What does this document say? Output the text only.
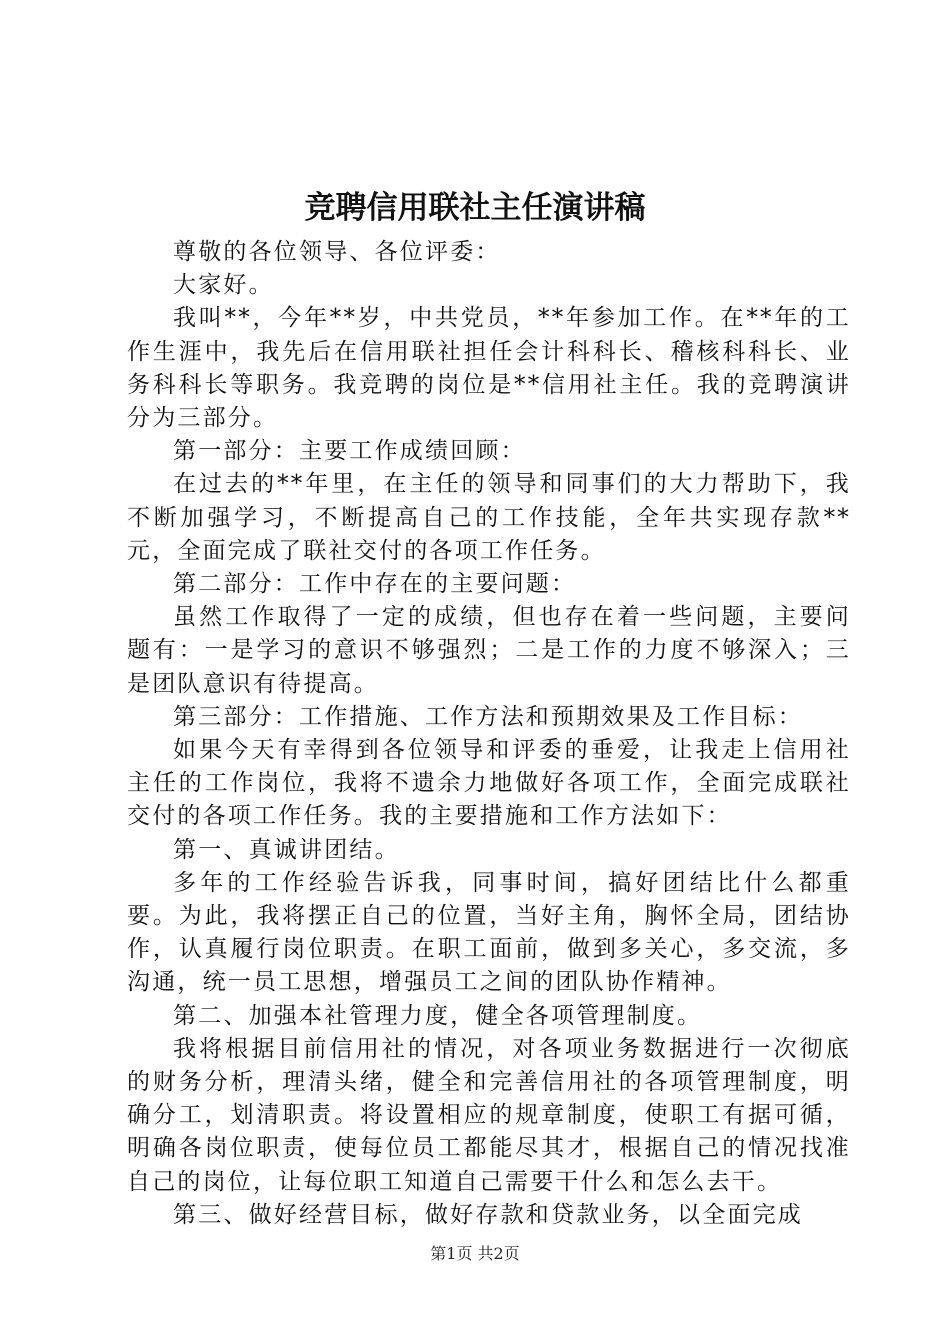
竞聘信用联社主任演讲稿

尊敬的各位领导、各位评委：

大家好。

我叫**，今年**岁，中共党员，**年参加工作。在**年的工作生涯中，我先后在信用联社担任会计科科长、稽核科科长、业务科科长等职务。我竞聘的岗位是**信用社主任。我的竞聘演讲分为三部分。

第一部分：主要工作成绩回顾：

在过去的**年里，在主任的领导和同事们的大力帮助下，我不断加强学习，不断提高自己的工作技能，全年共实现存款**元，全面完成了联社交付的各项工作任务。

第二部分：工作中存在的主要问题：

虽然工作取得了一定的成绩，但也存在着一些问题，主要问题有：一是学习的意识不够强烈；二是工作的力度不够深入；三是团队意识有待提高。

第三部分：工作措施、工作方法和预期效果及工作目标：

如果今天有幸得到各位领导和评委的垂爱，让我走上信用社主任的工作岗位，我将不遗余力地做好各项工作，全面完成联社交付的各项工作任务。我的主要措施和工作方法如下：

第一、真诚讲团结。

多年的工作经验告诉我，同事时间，搞好团结比什么都重要。为此，我将摆正自己的位置，当好主角，胸怀全局，团结协作，认真履行岗位职责。在职工面前，做到多关心，多交流，多沟通，统一员工思想，增强员工之间的团队协作精神。

第二、加强本社管理力度，健全各项管理制度。

我将根据目前信用社的情况，对各项业务数据进行一次彻底的财务分析，理清头绪，健全和完善信用社的各项管理制度，明确分工，划清职责。将设置相应的规章制度，使职工有据可循，明确各岗位职责，使每位员工都能尽其才，根据自己的情况找准自己的岗位，让每位职工知道自己需要干什么和怎么去干。

第三、做好经营目标，做好存款和贷款业务，以全面完成

第1页 共2页
